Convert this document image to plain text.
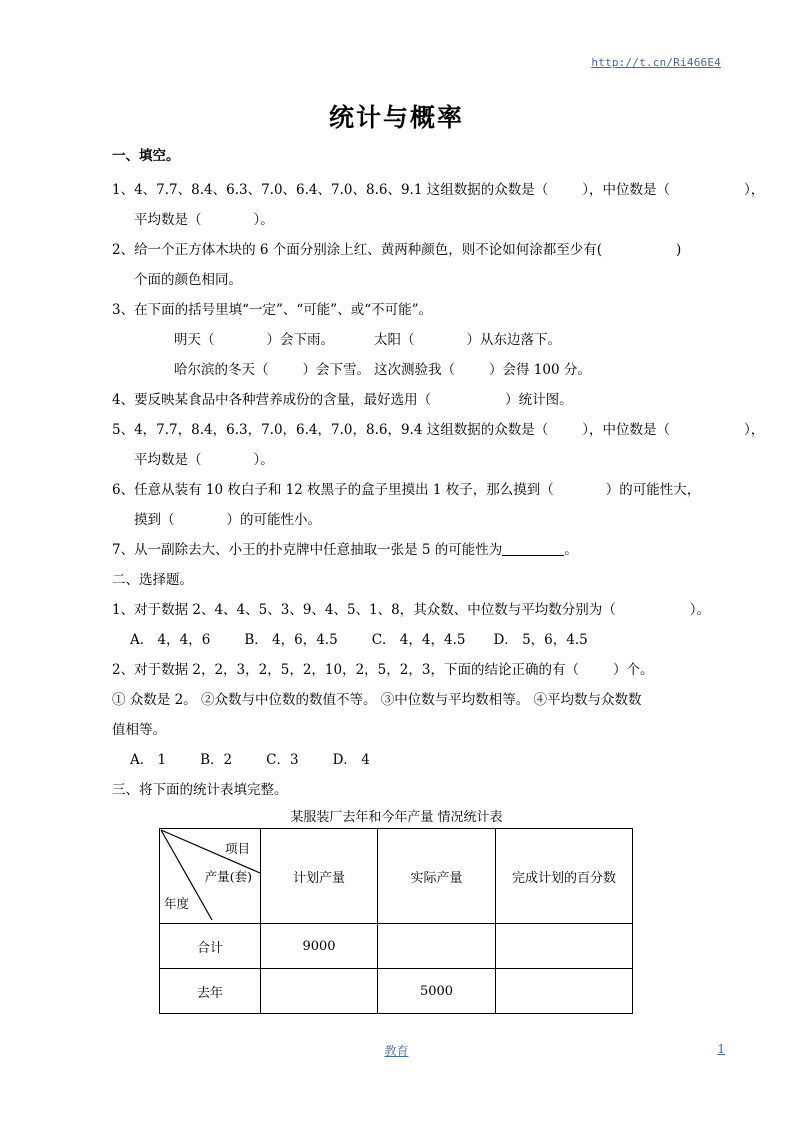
http://t.cn/Ri466E4
统计与概率
一、填空。
1、4、7.7、8.4、6.3、7.0、6.4、7.0、8.6、9.1 这组数据的众数是（	），中位数是（	），
平均数是（	）。
2、给一个正方体木块的 6 个面分别涂上红、黄两种颜色，则不论如何涂都至少有(	)
个面的颜色相同。
3、在下面的括号里填“一定”、“可能”、或“不可能”。
明天（	）会下雨。	太阳（	）从东边落下。
哈尔滨的冬天（	）会下雪。 这次测验我（	）会得 100 分。
4、要反映某食品中各种营养成份的含量，最好选用（	）统计图。
5、4，7.7，8.4，6.3，7.0，6.4，7.0，8.6，9.4 这组数据的众数是（	），中位数是（	），
平均数是（	）。
6、任意从装有 10 枚白子和 12 枚黑子的盒子里摸出 1 枚子，那么摸到（	）的可能性大，
摸到（	）的可能性小。
7、从一副除去大、小王的扑克牌中任意抽取一张是 5 的可能性为	。
二、选择题。
1、对于数据 2、4、4、5、3、9、4、5、1、8，其众数、中位数与平均数分别为（	）。
A． 4，4，6	B． 4，6，4.5	C． 4，4，4.5 D． 5，6，4.5
2、对于数据 2，2，3，2，5，2，10，2，5，2，3，下面的结论正确的有（	）个。
① 众数是 2。 ②众数与中位数的数值不等。 ③中位数与平均数相等。 ④平均数与众数数
值相等。
A． 1	B．2	C．3	D． 4
三、将下面的统计表填完整。
某服装厂去年和今年产量 情况统计表
项目
产量(套)
年度	计划产量	实际产量	完成计划的百分数
合计	9000		
去年		5000	
教育	1
